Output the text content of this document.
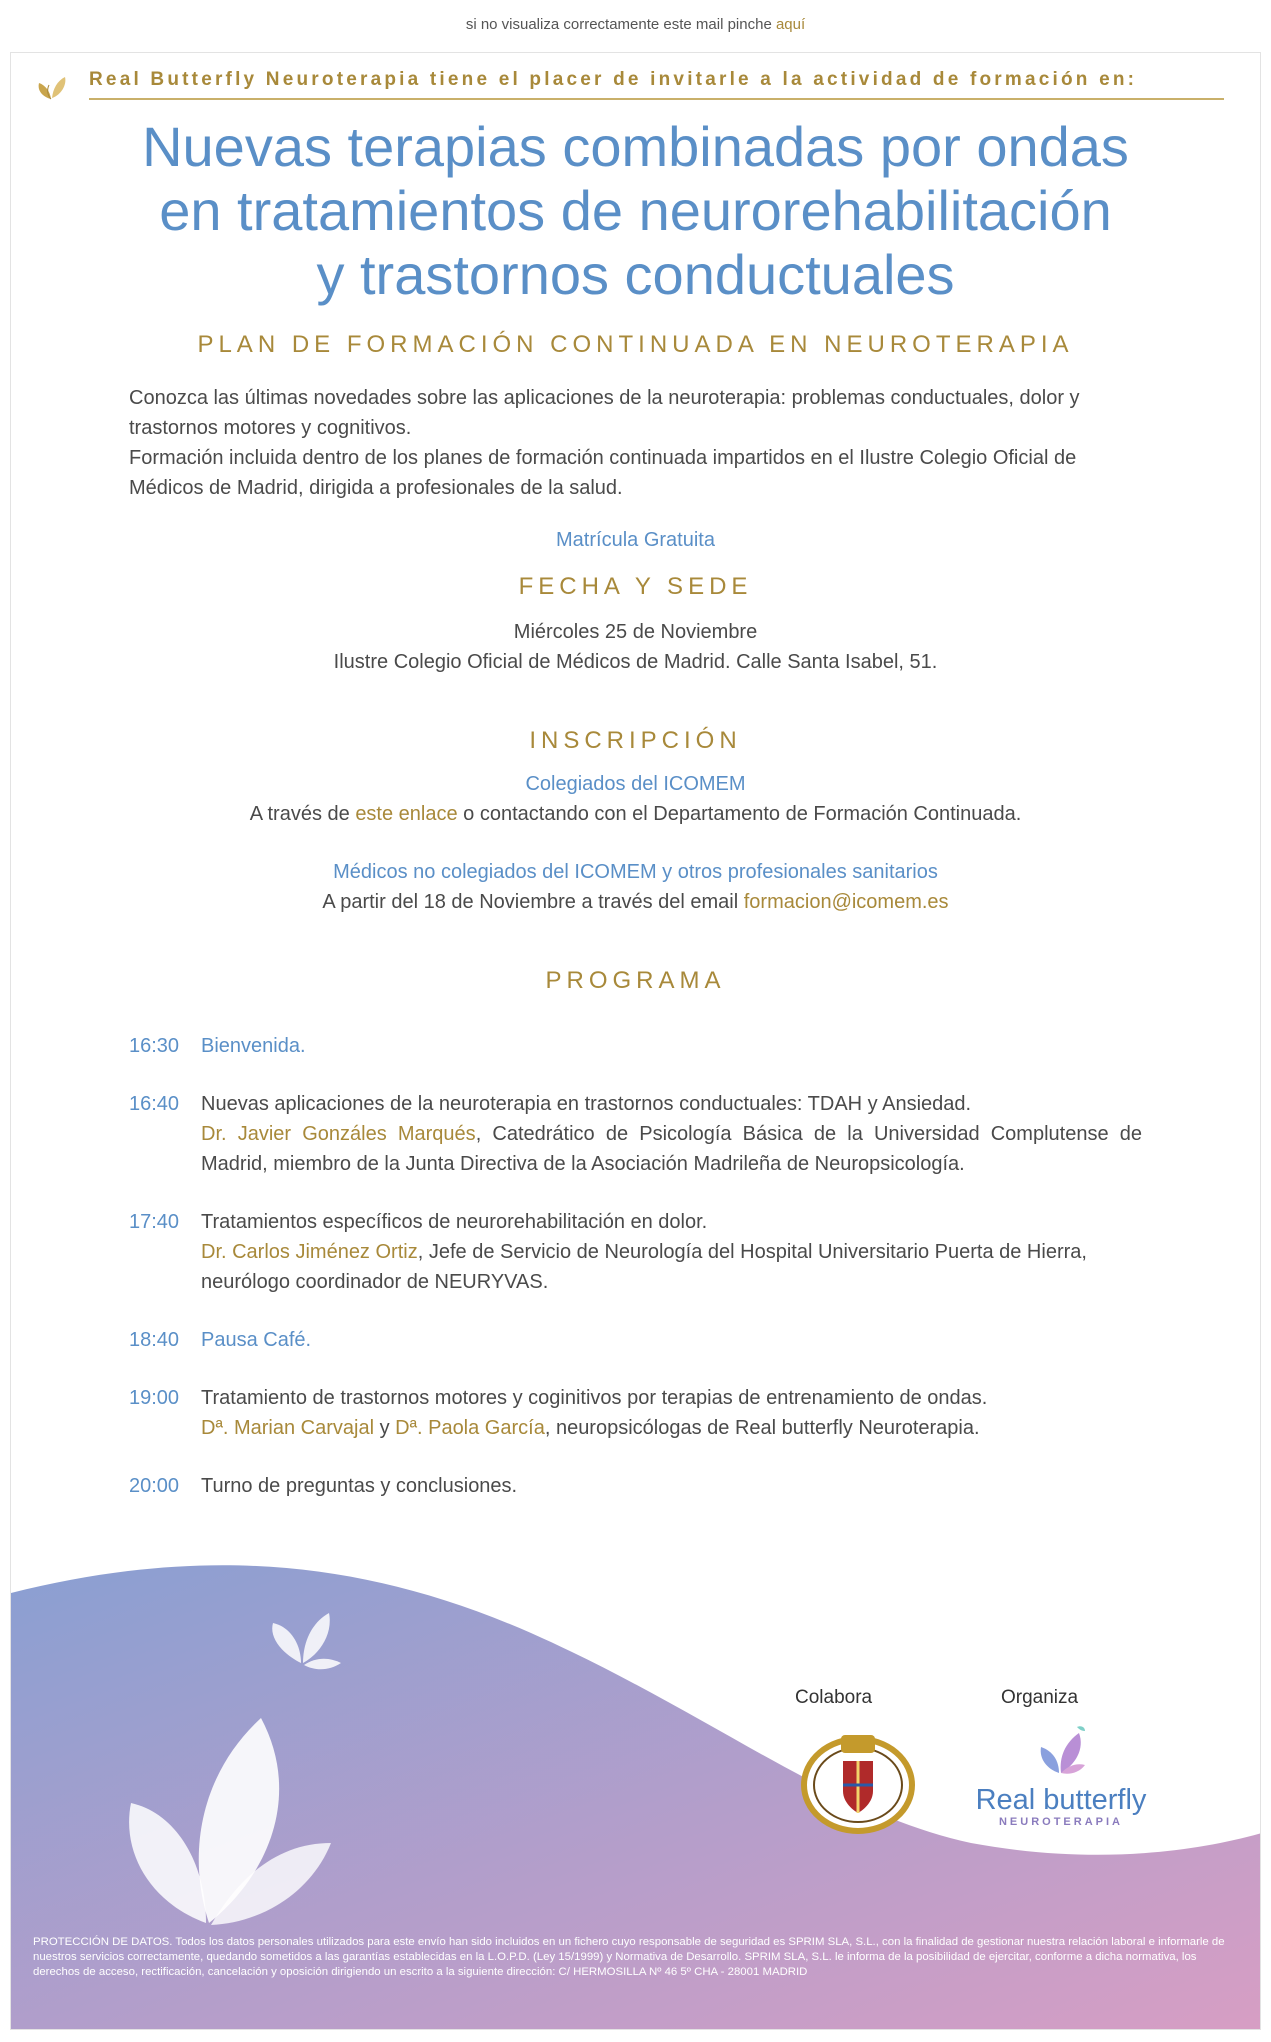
si no visualiza correctamente este mail pinche aquí
Real Butterfly Neuroterapia tiene el placer de invitarle a la actividad de formación en:
Nuevas terapias combinadas por ondas
en tratamientos de neurorehabilitación
y trastornos conductuales
PLAN DE FORMACIÓN CONTINUADA EN NEUROTERAPIA

Conozca las últimas novedades sobre las aplicaciones de la neuroterapia: problemas conductuales, dolor y trastornos motores y cognitivos.

Formación incluida dentro de los planes de formación continuada impartidos en el Ilustre Colegio Oficial de Médicos de Madrid, dirigida a profesionales de la salud.

Matrícula Gratuita
FECHA Y SEDE
Miércoles 25 de Noviembre
Ilustre Colegio Oficial de Médicos de Madrid. Calle Santa Isabel, 51.
INSCRIPCIÓN
Colegiados del ICOMEM
A través de este enlace o contactando con el Departamento de Formación Continuada.
Médicos no colegiados del ICOMEM y otros profesionales sanitarios
A partir del 18 de Noviembre a través del email formacion@icomem.es
PROGRAMA
16:30 Bienvenida.

16:40 Nuevas aplicaciones de la neuroterapia en trastornos conductuales: TDAH y Ansiedad.

Dr. Javier Gonzáles Marqués, Catedrático de Psicología Básica de la Universidad Complutense de Madrid, miembro de la Junta Directiva de la Asociación Madrileña de Neuropsicología.

17:40 Tratamientos específicos de neurorehabilitación en dolor.

Dr. Carlos Jiménez Ortiz, Jefe de Servicio de Neurología del Hospital Universitario Puerta de Hierra, neurólogo coordinador de NEURYVAS.

18:40 Pausa Café.

19:00 Tratamiento de trastornos motores y coginitivos por terapias de entrenamiento de ondas.

Dª. Marian Carvajal y Dª. Paola García, neuropsicólogas de Real butterfly Neuroterapia.

20:00 Turno de preguntas y conclusiones.

Colabora	Organiza
Real butterfly
NEUROTERAPIA
PROTECCIÓN DE DATOS. Todos los datos personales utilizados para este envío han sido incluidos en un fichero cuyo responsable de seguridad es SPRIM SLA, S.L., con la finalidad de gestionar nuestra relación laboral e informarle de nuestros servicios correctamente, quedando sometidos a las garantías establecidas en la L.O.P.D. (Ley 15/1999) y Normativa de Desarrollo. SPRIM SLA, S.L. le informa de la posibilidad de ejercitar, conforme a dicha normativa, los derechos de acceso, rectificación, cancelación y oposición dirigiendo un escrito a la siguiente dirección: C/ HERMOSILLA Nº 46 5º CHA - 28001 MADRID
